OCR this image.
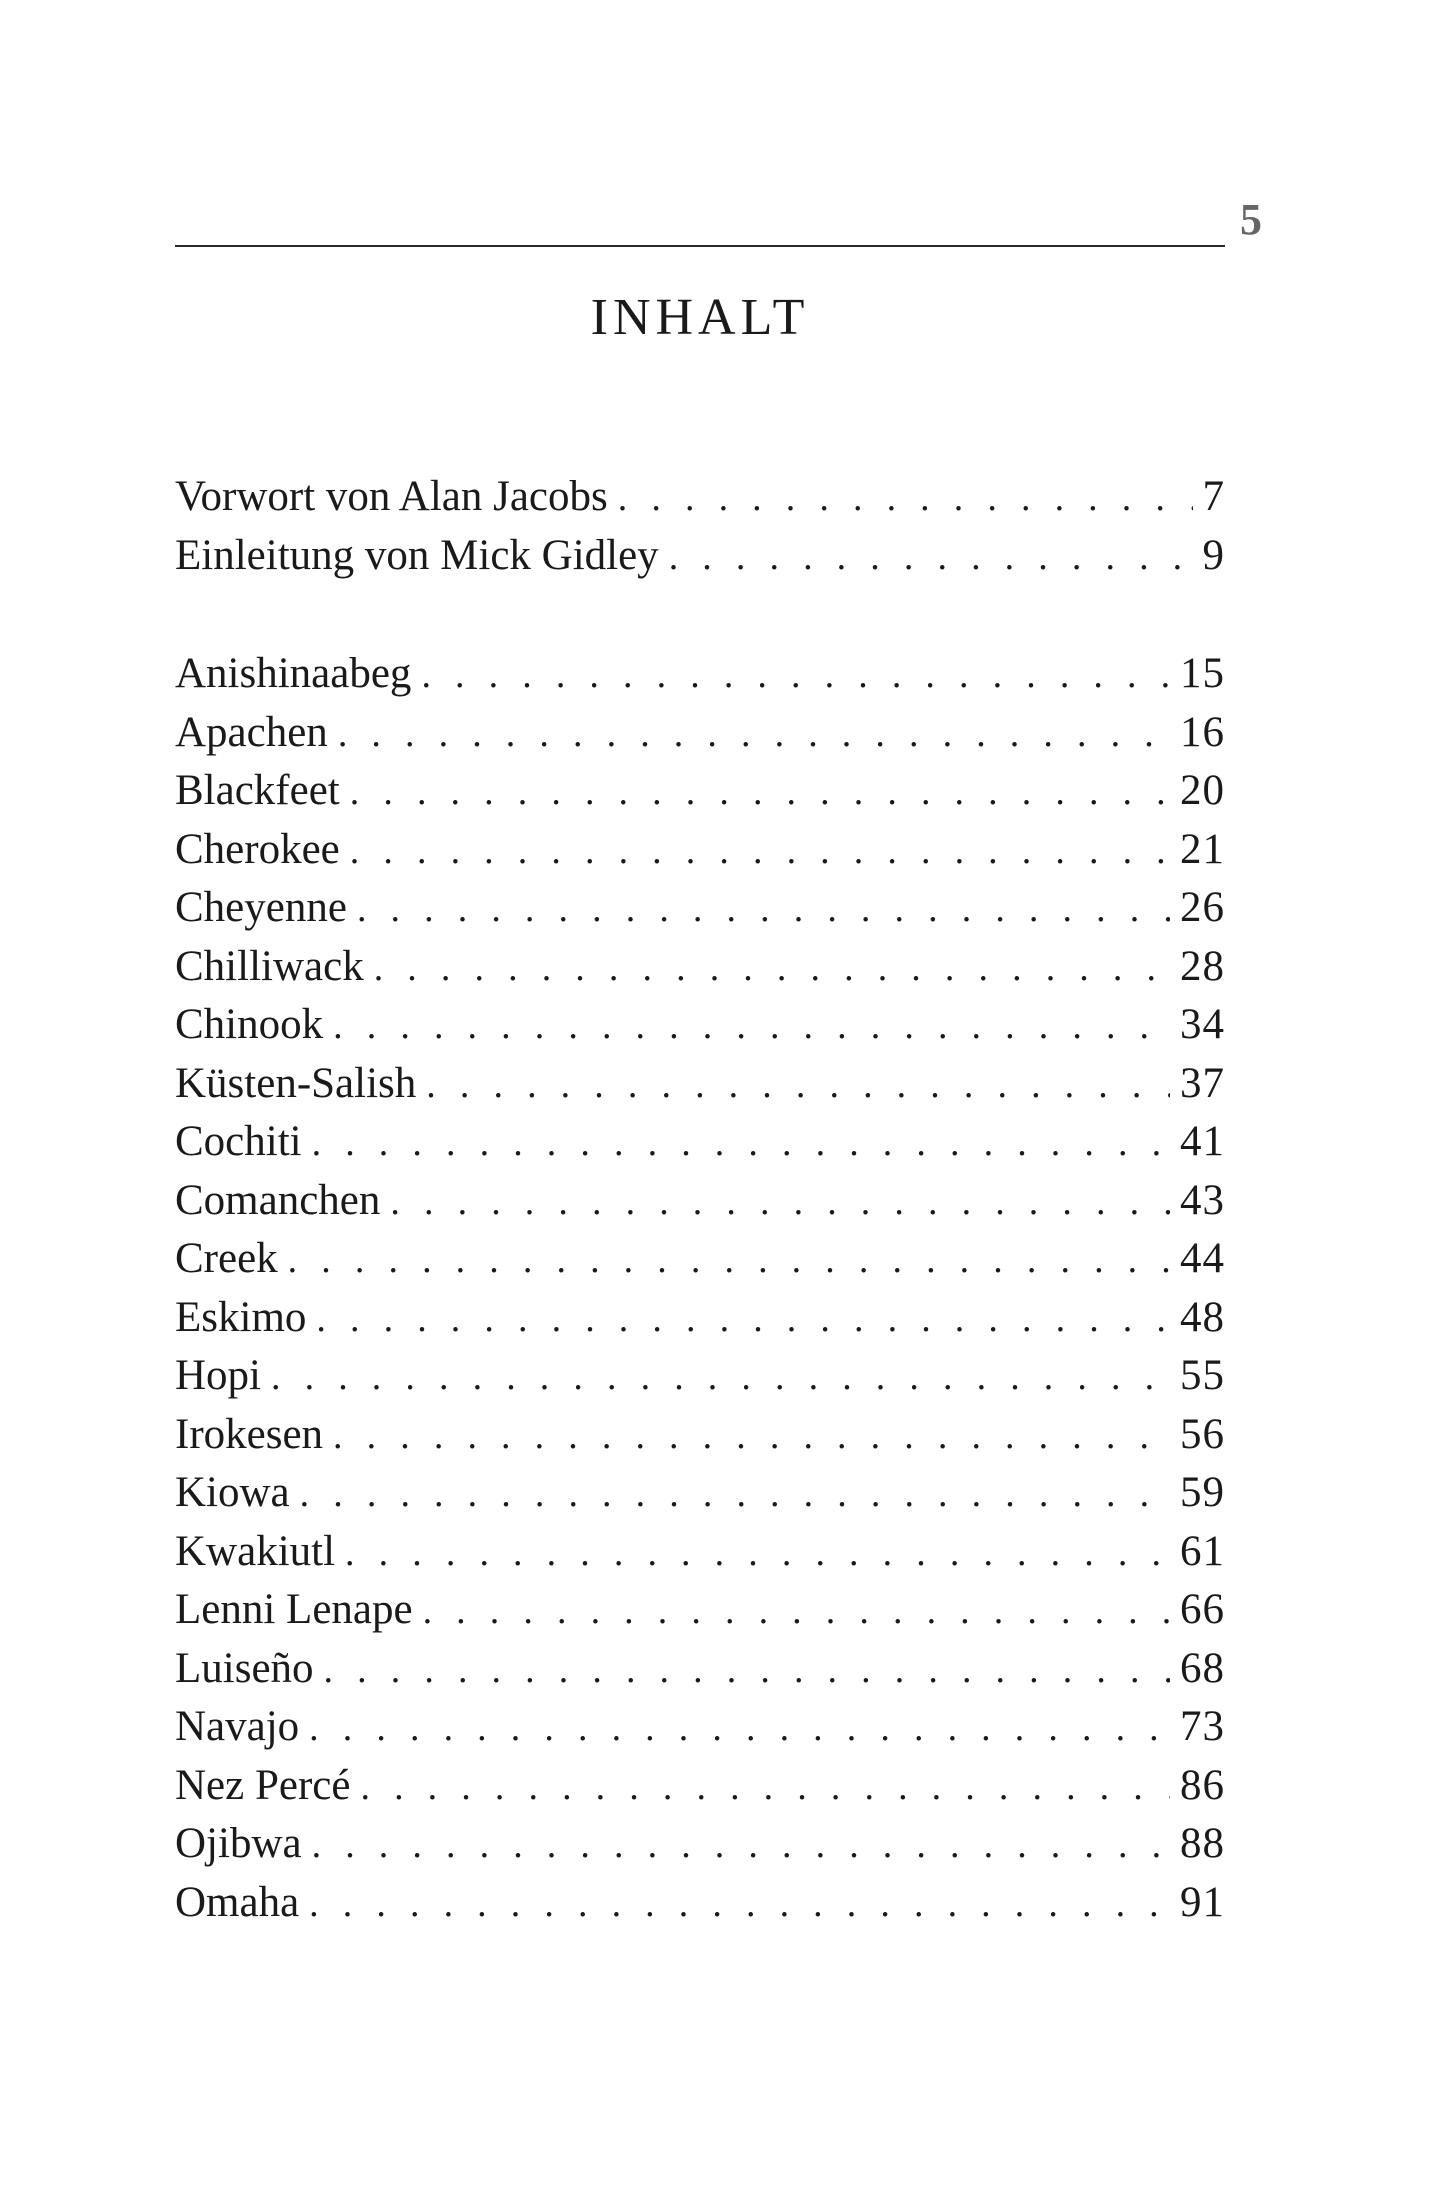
5
INHALT
Vorwort von Alan Jacobs . . .	7
Einleitung von Mick Gidley . . .	9
Anishinaabeg . . .	15
Apachen . . .	16
Blackfeet . . .	20
Cherokee . . .	21
Cheyenne . . .	26
Chilliwack . . .	28
Chinook . . .	34
Küsten-Salish . . .	37
Cochiti . . .	41
Comanchen . . .	43
Creek . . .	44
Eskimo . . .	48
Hopi . . .	55
Irokesen . . .	56
Kiowa . . .	59
Kwakiutl . . .	61
Lenni Lenape . . .	66
Luiseño . . .	68
Navajo . . .	73
Nez Percé . . .	86
Ojibwa . . .	88
Omaha . . .	91
